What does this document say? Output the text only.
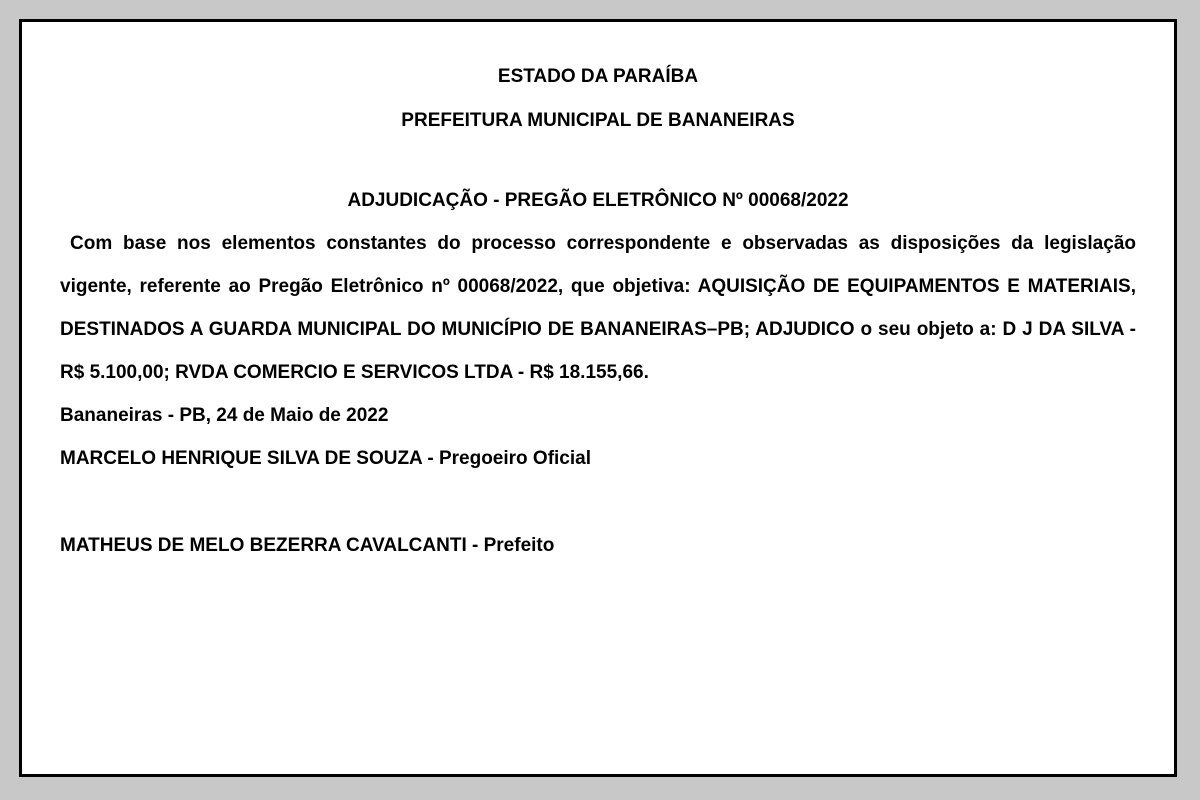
ESTADO DA PARAÍBA

PREFEITURA MUNICIPAL DE BANANEIRAS

ADJUDICAÇÃO - PREGÃO ELETRÔNICO Nº 00068/2022

Com base nos elementos constantes do processo correspondente e observadas as disposições da legislação vigente, referente ao Pregão Eletrônico nº 00068/2022, que objetiva: AQUISIÇÃO DE EQUIPAMENTOS E MATERIAIS, DESTINADOS A GUARDA MUNICIPAL DO MUNICÍPIO DE BANANEIRAS–PB; ADJUDICO o seu objeto a: D J DA SILVA - R$ 5.100,00; RVDA COMERCIO E SERVICOS LTDA - R$ 18.155,66.

Bananeiras - PB, 24 de Maio de 2022

MARCELO HENRIQUE SILVA DE SOUZA - Pregoeiro Oficial

MATHEUS DE MELO BEZERRA CAVALCANTI - Prefeito
